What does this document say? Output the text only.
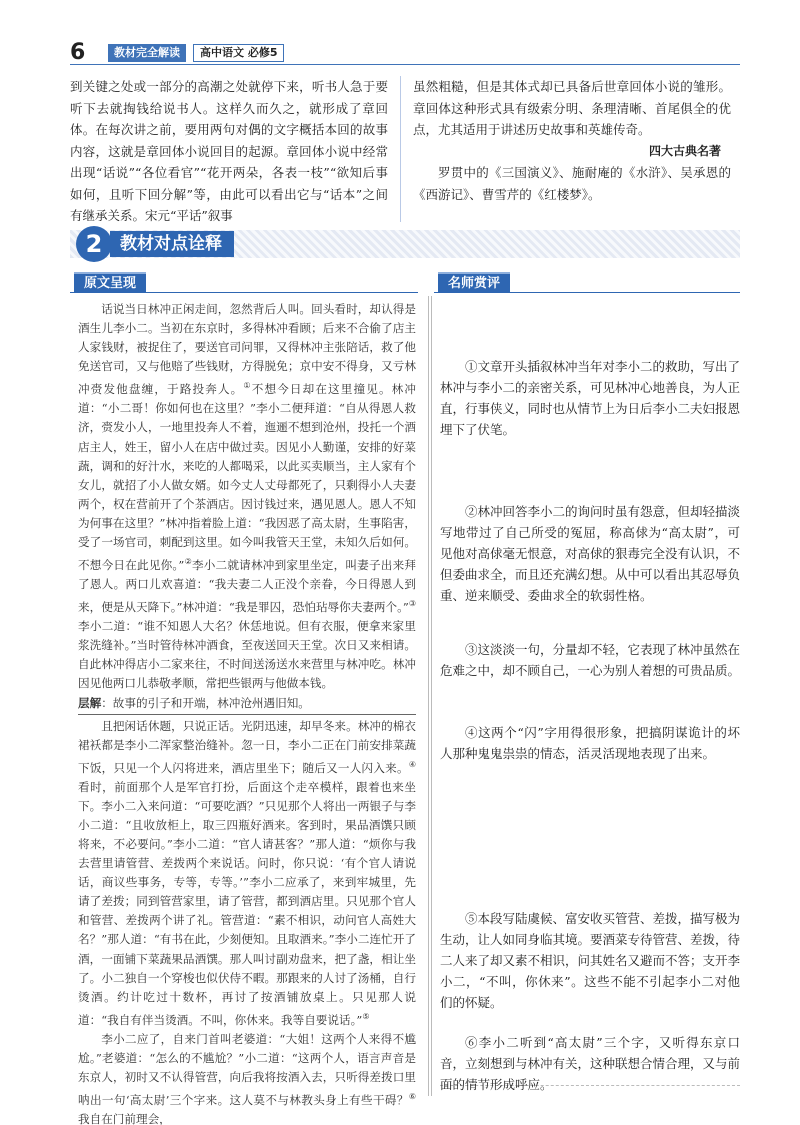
6	教材完全解读	高中语文 必修5
到关键之处或一部分的高潮之处就停下来，听书人急于要听下去就掏钱给说书人。这样久而久之，就形成了章回体。在每次讲之前，要用两句对偶的文字概括本回的故事内容，这就是章回体小说回目的起源。章回体小说中经常出现“话说”“各位看官”“花开两朵，各表一枝”“欲知后事如何，且听下回分解”等，由此可以看出它与“话本”之间有继承关系。宋元“平话”叙事
虽然粗糙，但是其体式却已具备后世章回体小说的雏形。章回体这种形式具有级索分明、条理清晰、首尾俱全的优点，尤其适用于讲述历史故事和英雄传奇。
四大古典名著
罗贯中的《三国演义》、施耐庵的《水浒》、吴承恩的《西游记》、曹雪芹的《红楼梦》。
教材对点诠释
2
原文呈现	名师赏评

话说当日林冲正闲走间，忽然背后人叫。回头看时，却认得是酒生儿李小二。当初在东京时，多得林冲看顾；后来不合偷了店主人家钱财，被捉住了，要送官司问罪，又得林冲主张陪话，救了他免送官司，又与他赔了些钱财，方得脱免；京中安不得身，又亏林冲赍发他盘缠，于路投奔人。①不想今日却在这里撞见。林冲道：“小二哥！你如何也在这里？”李小二便拜道：“自从得恩人救济，赍发小人，一地里投奔人不着，迤逦不想到沧州，投托一个酒店主人，姓王，留小人在店中做过卖。因见小人勤谨，安排的好菜蔬，调和的好汁水，来吃的人都喝采，以此买卖顺当，主人家有个女儿，就招了小人做女婿。如今丈人丈母都死了，只剩得小人夫妻两个，权在营前开了个茶酒店。因讨钱过来，遇见恩人。恩人不知为何事在这里？”林冲指着脸上道：“我因恶了高太尉，生事陷害，受了一场官司，刺配到这里。如今叫我管天王堂，未知久后如何。不想今日在此见你。”②李小二就请林冲到家里坐定，叫妻子出来拜了恩人。两口儿欢喜道：“我夫妻二人正没个亲眷，今日得恩人到来，便是从天降下。”林冲道：“我是罪囚，恐怕玷辱你夫妻两个。”③李小二道：“谁不知恩人大名？休恁地说。但有衣服，便拿来家里浆洗缝补。”当时管待林冲酒食，至夜送回天王堂。次日又来相请。自此林冲得店小二家来往，不时间送汤送水来营里与林冲吃。林冲因见他两口儿恭敬孝顺，常把些银两与他做本钱。

层解：故事的引子和开端，林冲沧州遇旧知。

且把闲话休题，只说正话。光阴迅速，却早冬来。林冲的棉衣裙袄都是李小二浑家整治缝补。忽一日，李小二正在门前安排菜蔬下饭，只见一个人闪将进来，酒店里坐下；随后又一人闪入来。④看时，前面那个人是军官打扮，后面这个走卒模样，跟着也来坐下。李小二入来问道：“可要吃酒？”只见那个人将出一两银子与李小二道：“且收放柜上，取三四瓶好酒来。客到时，果品酒馔只顾将来，不必要问。”李小二道：“官人请甚客？”那人道：“烦你与我去营里请管营、差拨两个来说话。问时，你只说：‘有个官人请说话，商议些事务，专等，专等。’”李小二应承了，来到牢城里，先请了差拨；同到管营家里，请了管营，都到酒店里。只见那个官人和管营、差拨两个讲了礼。管营道：“素不相识，动问官人高姓大名？”那人道：“有书在此，少刻便知。且取酒来。”李小二连忙开了酒，一面铺下菜蔬果品酒馔。那人叫讨副劝盘来，把了盏，相让坐了。小二独自一个穿梭也似伏侍不暇。那跟来的人讨了汤桶，自行烫酒。约计吃过十数杯，再讨了按酒铺放桌上。只见那人说道：“我自有伴当烫酒。不叫，你休来。我等自要说话。”⑤

李小二应了，自来门首叫老婆道：“大姐！这两个人来得不尴尬。”老婆道：“怎么的不尴尬？”小二道：“这两个人，语言声音是东京人，初时又不认得管营，向后我将按酒入去，只听得差拨口里呐出一句‘高太尉’三个字来。这人莫不与林教头身上有些干碍？⑥我自在门前理会，

①文章开头插叙林冲当年对李小二的救助，写出了林冲与李小二的亲密关系，可见林冲心地善良，为人正直，行事侠义，同时也从情节上为日后李小二夫妇报恩埋下了伏笔。
②林冲回答李小二的询问时虽有怨意，但却轻描淡写地带过了自己所受的冤屈，称高俅为“高太尉”，可见他对高俅毫无恨意，对高俅的狠毒完全没有认识，不但委曲求全，而且还充满幻想。从中可以看出其忍辱负重、逆来顺受、委曲求全的软弱性格。
③这淡淡一句，分量却不轻，它表现了林冲虽然在危难之中，却不顾自己，一心为别人着想的可贵品质。
④这两个“闪”字用得很形象，把搞阴谋诡计的坏人那种鬼鬼祟祟的情态，活灵活现地表现了出来。
⑤本段写陆虞候、富安收买管营、差拨，描写极为生动，让人如同身临其境。要酒菜专待管营、差拨，待二人来了却又素不相识，问其姓名又避而不答；支开李小二，“不叫，你休来”。这些不能不引起李小二对他们的怀疑。
⑥李小二听到“高太尉”三个字，又听得东京口音，立刻想到与林冲有关，这种联想合情合理，又与前面的情节形成呼应。
